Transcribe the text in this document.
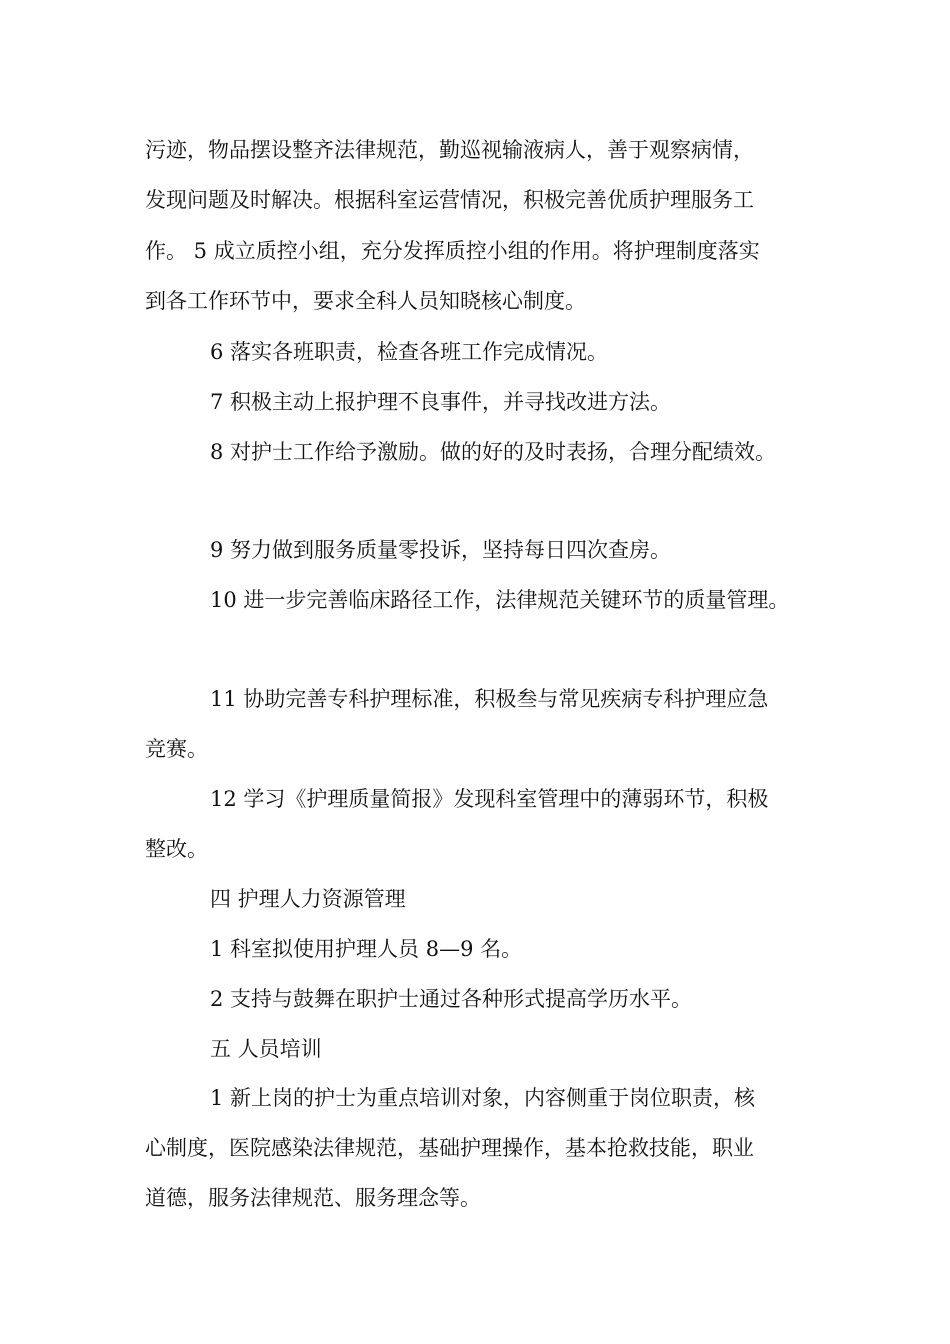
污迹，物品摆设整齐法律规范，勤巡视输液病人，善于观察病情，
发现问题及时解决。根据科室运营情况，积极完善优质护理服务工
作。 5 成立质控小组，充分发挥质控小组的作用。将护理制度落实
到各工作环节中，要求全科人员知晓核心制度。
6 落实各班职责，检查各班工作完成情况。
7 积极主动上报护理不良事件，并寻找改进方法。
8 对护士工作给予激励。做的好的及时表扬，合理分配绩效。
9 努力做到服务质量零投诉，坚持每日四次查房。
10 进一步完善临床路径工作，法律规范关键环节的质量管理。
11 协助完善专科护理标准，积极叁与常见疾病专科护理应急
竞赛。
12 学习《护理质量简报》发现科室管理中的薄弱环节，积极
整改。
四 护理人力资源管理
1 科室拟使用护理人员 8—9 名。
2 支持与鼓舞在职护士通过各种形式提高学历水平。
五 人员培训
1 新上岗的护士为重点培训对象，内容侧重于岗位职责，核
心制度，医院感染法律规范，基础护理操作，基本抢救技能，职业
道德，服务法律规范、服务理念等。
